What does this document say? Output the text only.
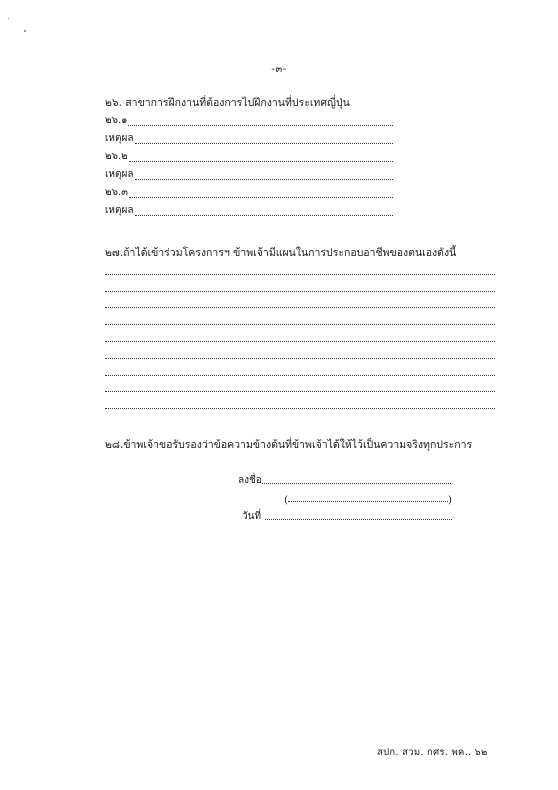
-๓-
๒๖. สาขาการฝึกงานที่ต้องการไปฝึกงานที่ประเทศญี่ปุ่น
๒๖.๑
เหตุผล
๒๖.๒
เหตุผล
๒๖.๓
เหตุผล
๒๗.ถ้าได้เข้าร่วมโครงการฯ ข้าพเจ้ามีแผนในการประกอบอาชีพของตนเองดังนี้
๒๘.ข้าพเจ้าขอรับรองว่าข้อความข้างต้นที่ข้าพเจ้าได้ให้ไว้เป็นความจริงทุกประการ
ลงชื่อ
(	)
วันที่
สปก. สวม. กศร. พค.. ๖๒
